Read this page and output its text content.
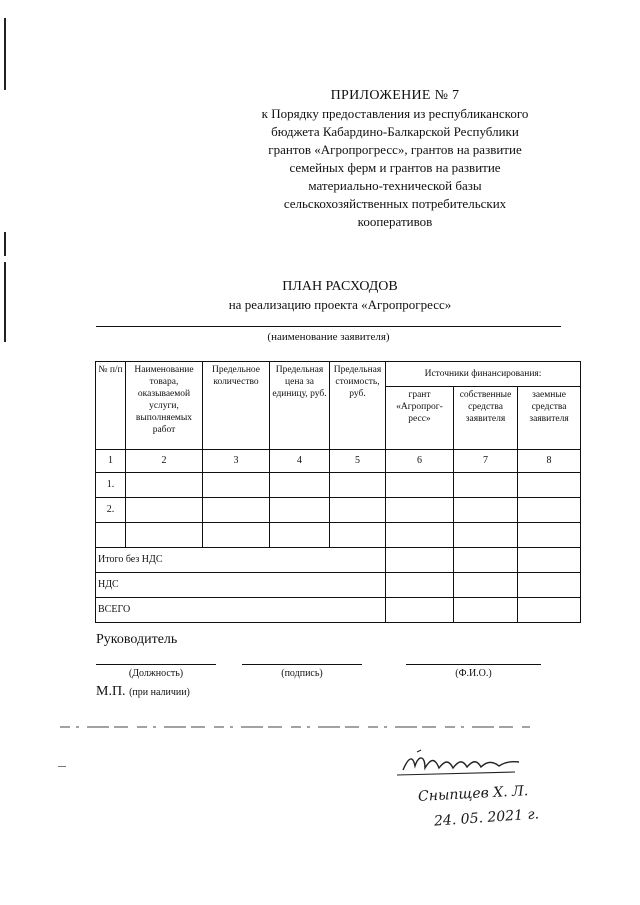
ПРИЛОЖЕНИЕ № 7
к Порядку предоставления из республиканского
бюджета Кабардино-Балкарской Республики
грантов «Агропрогресс», грантов на развитие
семейных ферм и грантов на развитие
материально-технической базы
сельскохозяйственных потребительских
кооперативов
ПЛАН РАСХОДОВ
на реализацию проекта «Агропрогресс»
(наименование заявителя)
№ п/п	Наименование товара, оказываемой услуги, выполняемых работ	Предельное количество	Предельная цена за единицу, руб.	Предельная стоимость, руб.	Источники финансирования:		
					грант «Агропрог-ресс»	собственные средства заявителя	заемные средства заявителя
1	2	3	4	5	6	7	8
1.							
2.							

Итого без НДС							
НДС							
ВСЕГО							
Руководитель
(Должность)	(подпись)	(Ф.И.О.)
М.П. (при наличии)
Сныпщев Х. Л.
24. 05. 2021 г.
